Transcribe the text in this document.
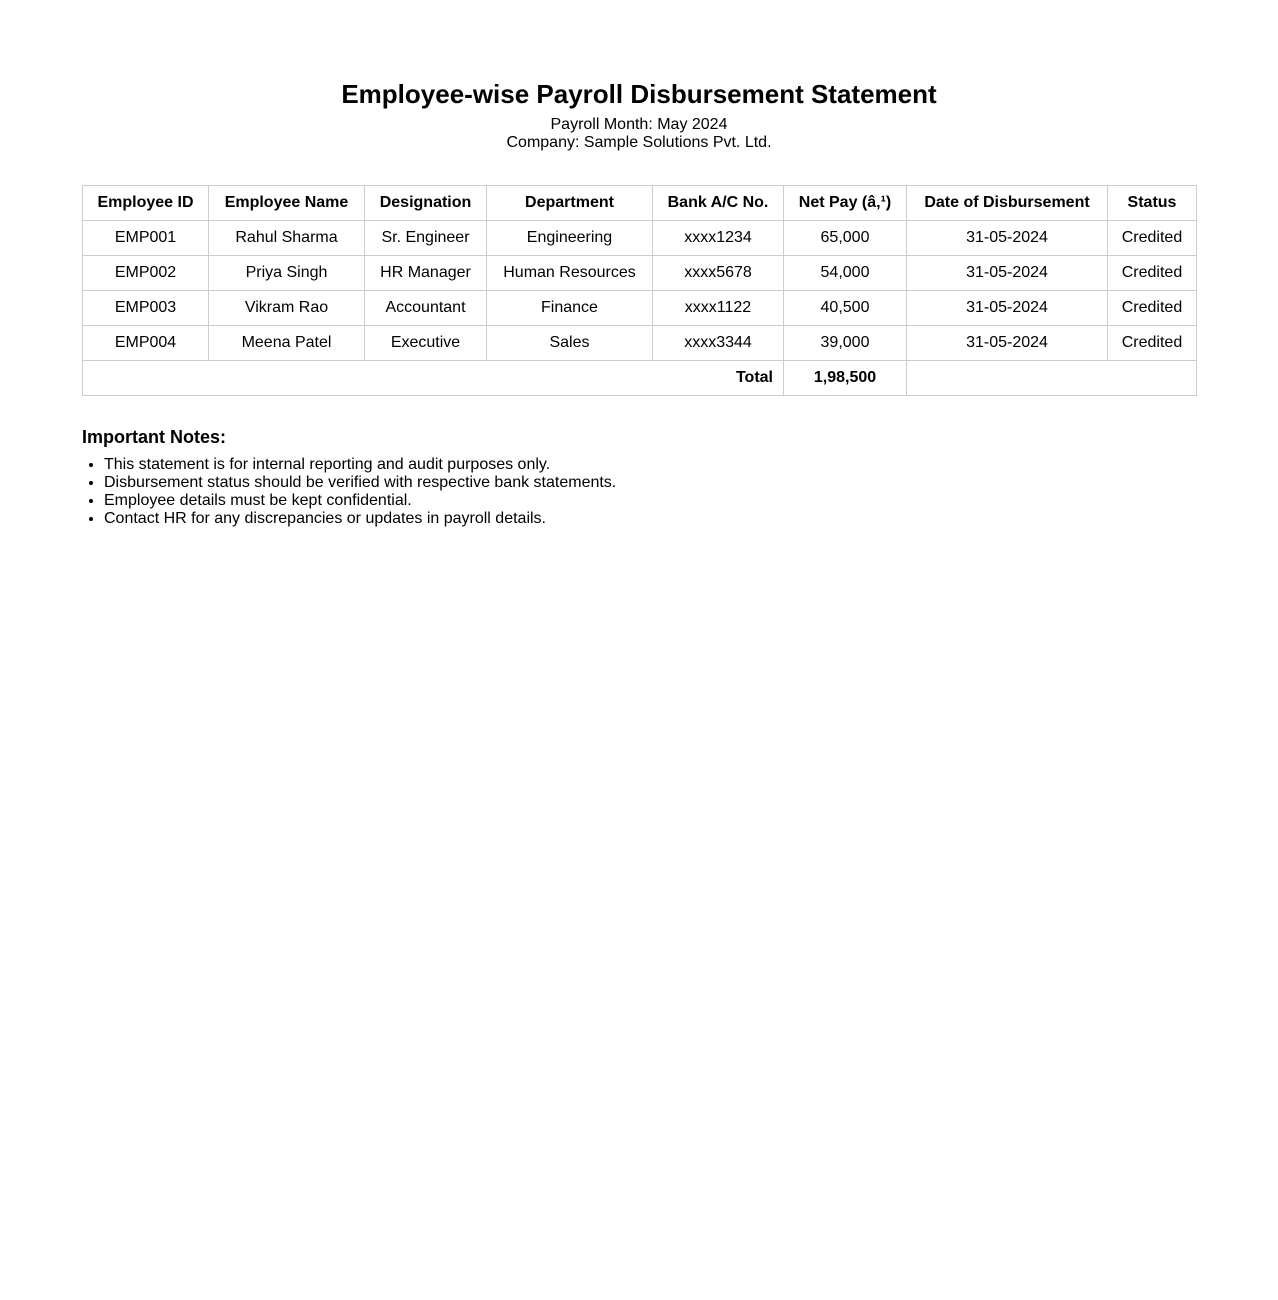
Employee-wise Payroll Disbursement Statement
Payroll Month: May 2024
Company: Sample Solutions Pvt. Ltd.
Employee ID	Employee Name	Designation	Department	Bank A/C No.	Net Pay (â‚¹)	Date of Disbursement	Status
EMP001	Rahul Sharma	Sr. Engineer	Engineering	xxxx1234	65,000	31-05-2024	Credited
EMP002	Priya Singh	HR Manager	Human Resources	xxxx5678	54,000	31-05-2024	Credited
EMP003	Vikram Rao	Accountant	Finance	xxxx1122	40,500	31-05-2024	Credited
EMP004	Meena Patel	Executive	Sales	xxxx3344	39,000	31-05-2024	Credited
Total					1,98,500		
Important Notes:
• This statement is for internal reporting and audit purposes only.
• Disbursement status should be verified with respective bank statements.
• Employee details must be kept confidential.
• Contact HR for any discrepancies or updates in payroll details.
